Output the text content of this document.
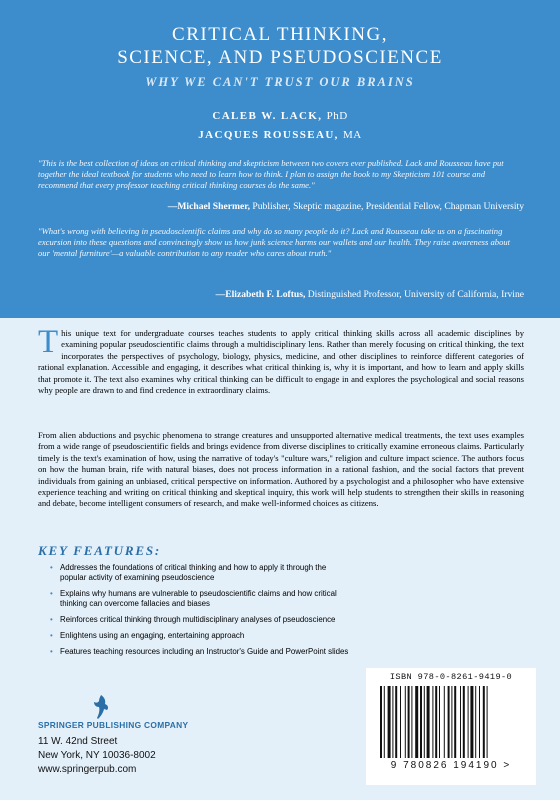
CRITICAL THINKING,
SCIENCE, AND PSEUDOSCIENCE
WHY WE CAN'T TRUST OUR BRAINS
CALEB W. LACK, PhD
JACQUES ROUSSEAU, MA
"This is the best collection of ideas on critical thinking and skepticism between two covers ever published. Lack and Rousseau have put together the ideal textbook for students who need to learn how to think. I plan to assign the book to my Skepticism 101 course and recommend that every professor teaching critical thinking courses do the same."
—Michael Shermer, Publisher, Skeptic magazine, Presidential Fellow, Chapman University
"What's wrong with believing in pseudoscientific claims and why do so many people do it? Lack and Rousseau take us on a fascinating excursion into these questions and convincingly show us how junk science harms our wallets and our health. They raise awareness about our 'mental furniture'—a valuable contribution to any reader who cares about truth."
—Elizabeth F. Loftus, Distinguished Professor, University of California, Irvine
This unique text for undergraduate courses teaches students to apply critical thinking skills across all academic disciplines by examining popular pseudoscientific claims through a multidisciplinary lens. Rather than merely focusing on critical thinking, the text incorporates the perspectives of psychology, biology, physics, medicine, and other disciplines to reinforce different categories of rational explanation. Accessible and engaging, it describes what critical thinking is, why it is important, and how to learn and apply skills that promote it. The text also examines why critical thinking can be difficult to engage in and explores the psychological and social reasons why people are drawn to and find credence in extraordinary claims.
From alien abductions and psychic phenomena to strange creatures and unsupported alternative medical treatments, the text uses examples from a wide range of pseudoscientific fields and brings evidence from diverse disciplines to critically examine erroneous claims. Particularly timely is the text's examination of how, using the narrative of today's "culture wars," religion and culture impact science. The authors focus on how the human brain, rife with natural biases, does not process information in a rational fashion, and the social factors that prevent individuals from gaining an unbiased, critical perspective on information. Authored by a psychologist and a philosopher who have extensive experience teaching and writing on critical thinking and skeptical inquiry, this work will help students to strengthen their skills in reasoning and debate, become intelligent consumers of research, and make well-informed choices as citizens.
KEY FEATURES:
• Addresses the foundations of critical thinking and how to apply it through the popular activity of examining pseudoscience
• Explains why humans are vulnerable to pseudoscientific claims and how critical thinking can overcome fallacies and biases
• Reinforces critical thinking through multidisciplinary analyses of pseudoscience
• Enlightens using an engaging, entertaining approach
• Features teaching resources including an Instructor's Guide and PowerPoint slides
SPRINGER PUBLISHING COMPANY
11 W. 42nd Street
New York, NY 10036-8002
www.springerpub.com
ISBN 978-0-8261-9419-0
9 780826 194190 >
